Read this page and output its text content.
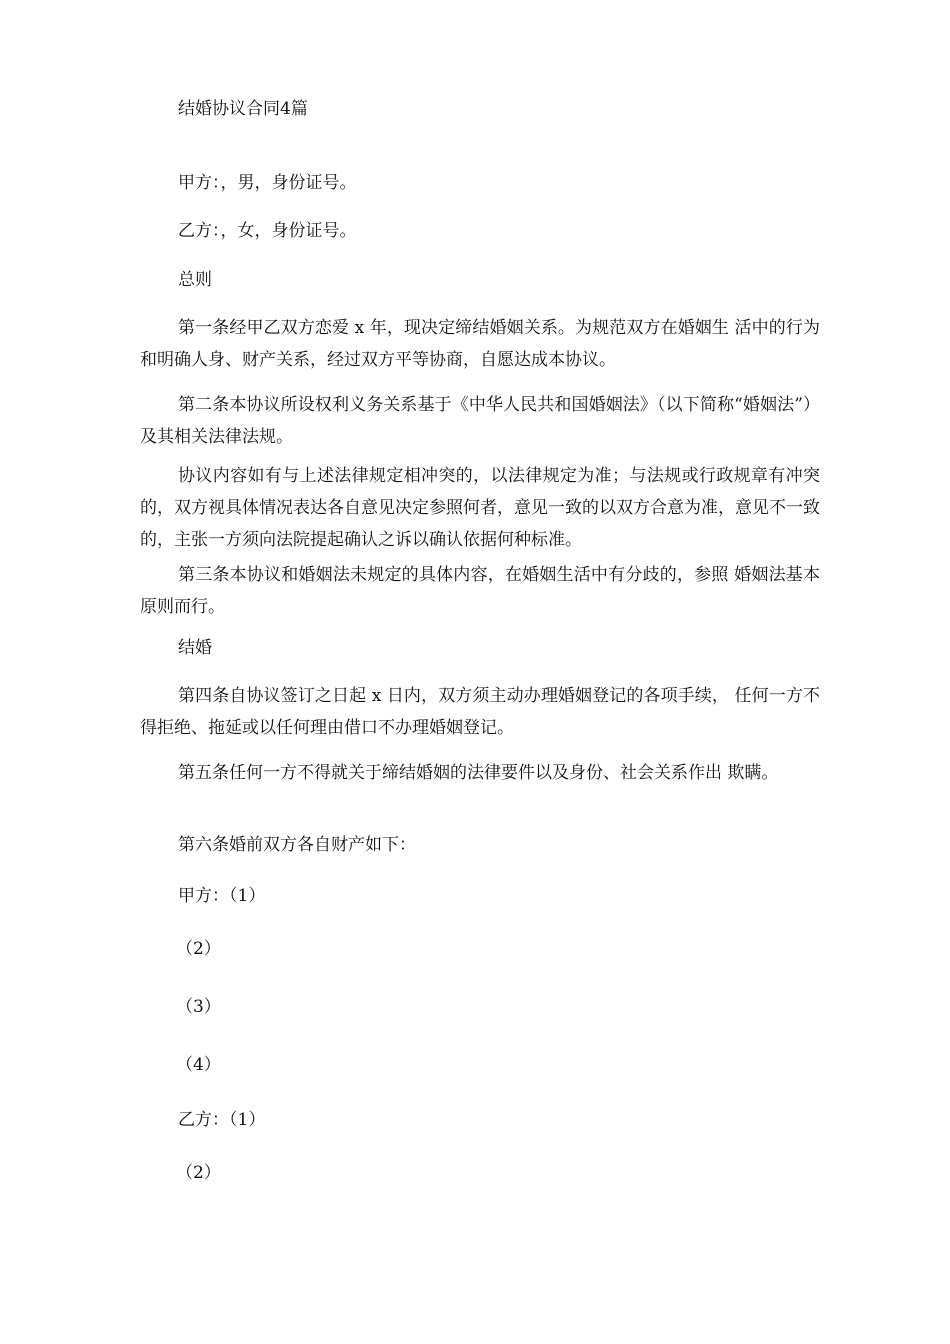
结婚协议合同4篇

甲方：，男，身份证号。

乙方：，女，身份证号。

总则

第一条经甲乙双方恋爱 x 年，现决定缔结婚姻关系。为规范双方在婚姻生 活中的行为和明确人身、财产关系，经过双方平等协商，自愿达成本协议。

第二条本协议所设权利义务关系基于《中华人民共和国婚姻法》（以下简称“婚姻法”）及其相关法律法规。

协议内容如有与上述法律规定相冲突的，以法律规定为准；与法规或行政规章有冲突的，双方视具体情况表达各自意见决定参照何者，意见一致的以双方合意为准，意见不一致的，主张一方须向法院提起确认之诉以确认依据何种标准。

第三条本协议和婚姻法未规定的具体内容，在婚姻生活中有分歧的，参照 婚姻法基本原则而行。

结婚

第四条自协议签订之日起 x 日内，双方须主动办理婚姻登记的各项手续， 任何一方不得拒绝、拖延或以任何理由借口不办理婚姻登记。

第五条任何一方不得就关于缔结婚姻的法律要件以及身份、社会关系作出 欺瞒。

第六条婚前双方各自财产如下：

甲方：（1）

（2）

（3）

（4）

乙方：（1）

（2）
